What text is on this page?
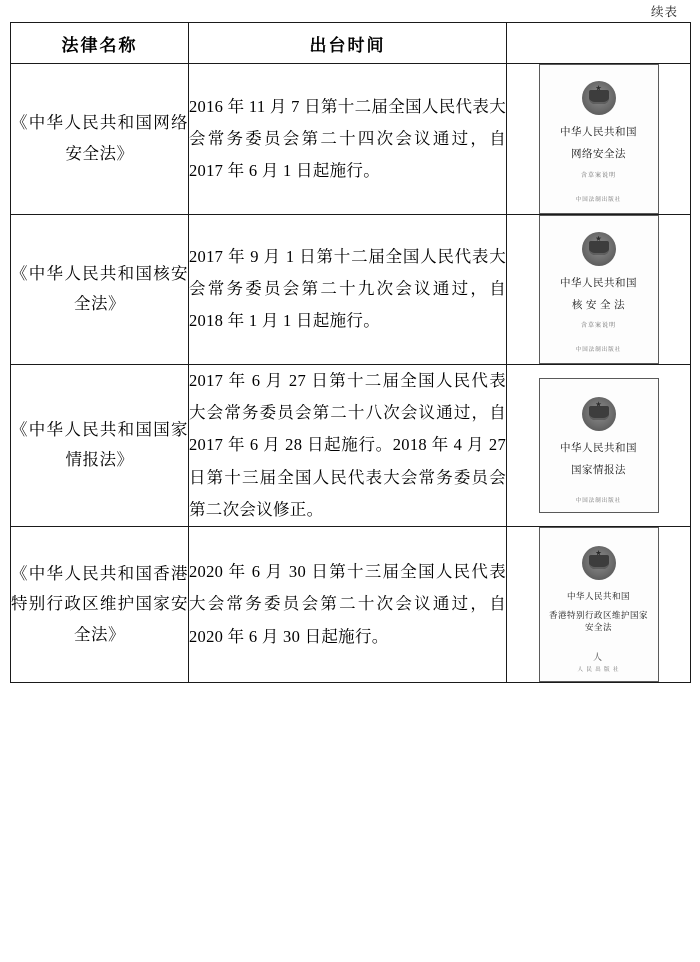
续表
法律名称	出台时间	

《中华人民共和国网络安全法》	2016 年 11 月 7 日第十二届全国人民代表大会常务委员会第二十四次会议通过，自 2017 年 6 月 1 日起施行。	中华人民共和国
网络安全法
含草案说明
中国法制出版社

《中华人民共和国核安全法》	2017 年 9 月 1 日第十二届全国人民代表大会常务委员会第二十九次会议通过，自 2018 年 1 月 1 日起施行。	中华人民共和国
核 安 全 法
含草案说明
中国法制出版社

《中华人民共和国国家情报法》	2017 年 6 月 27 日第十二届全国人民代表大会常务委员会第二十八次会议通过，自 2017 年 6 月 28 日起施行。2018 年 4 月 27 日第十三届全国人民代表大会常务委员会第二次会议修正。	中华人民共和国
国家情报法
中国法制出版社

《中华人民共和国香港特别行政区维护国家安全法》	2020 年 6 月 30 日第十三届全国人民代表大会常务委员会第二十次会议通过，自 2020 年 6 月 30 日起施行。	中华人民共和国
香港特别行政区维护国家安全法
人
人 民 出 版 社
